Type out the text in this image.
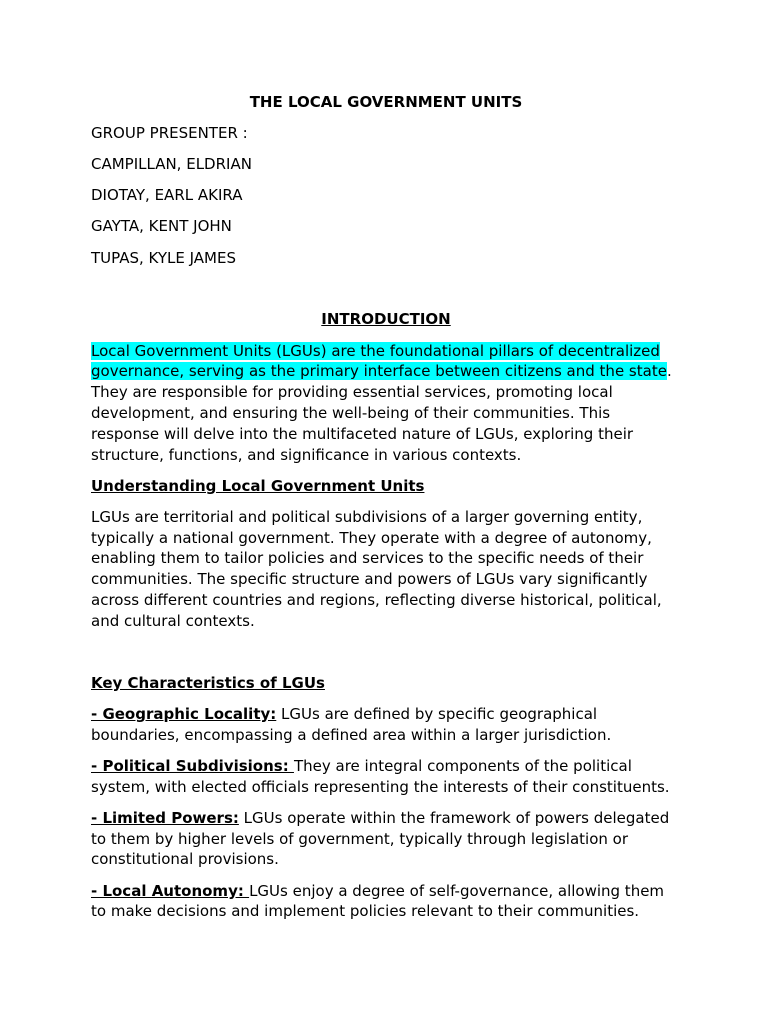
THE LOCAL GOVERNMENT UNITS
GROUP PRESENTER :
CAMPILLAN, ELDRIAN
DIOTAY, EARL AKIRA
GAYTA, KENT JOHN
TUPAS, KYLE JAMES
INTRODUCTION
Local Government Units (LGUs) are the foundational pillars of decentralized governance, serving as the primary interface between citizens and the state. They are responsible for providing essential services, promoting local development, and ensuring the well-being of their communities. This response will delve into the multifaceted nature of LGUs, exploring their structure, functions, and significance in various contexts.
Understanding Local Government Units
LGUs are territorial and political subdivisions of a larger governing entity, typically a national government. They operate with a degree of autonomy, enabling them to tailor policies and services to the specific needs of their communities. The specific structure and powers of LGUs vary significantly across different countries and regions, reflecting diverse historical, political, and cultural contexts.
Key Characteristics of LGUs
- Geographic Locality: LGUs are defined by specific geographical boundaries, encompassing a defined area within a larger jurisdiction.
- Political Subdivisions: They are integral components of the political system, with elected officials representing the interests of their constituents.
- Limited Powers: LGUs operate within the framework of powers delegated to them by higher levels of government, typically through legislation or constitutional provisions.
- Local Autonomy: LGUs enjoy a degree of self-governance, allowing them to make decisions and implement policies relevant to their communities.
